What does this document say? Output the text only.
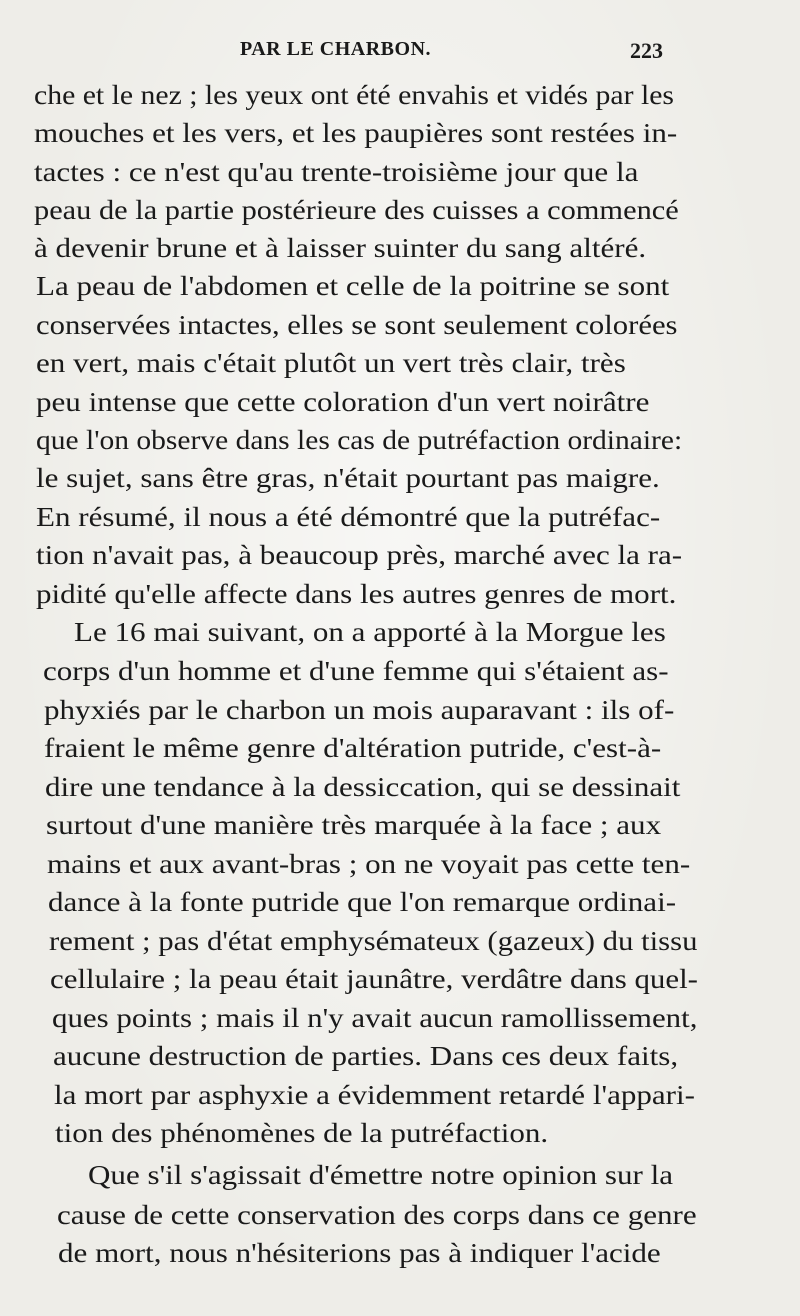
PAR LE CHARBON.	223
che et le nez ; les yeux ont été envahis et vidés par les
mouches et les vers, et les paupières sont restées in-
tactes : ce n'est qu'au trente-troisième jour que la
peau de la partie postérieure des cuisses a commencé
à devenir brune et à laisser suinter du sang altéré.
La peau de l'abdomen et celle de la poitrine se sont
conservées intactes, elles se sont seulement colorées
en vert, mais c'était plutôt un vert très clair, très
peu intense que cette coloration d'un vert noirâtre
que l'on observe dans les cas de putréfaction ordinaire:
le sujet, sans être gras, n'était pourtant pas maigre.
En résumé, il nous a été démontré que la putréfac-
tion n'avait pas, à beaucoup près, marché avec la ra-
pidité qu'elle affecte dans les autres genres de mort.
Le 16 mai suivant, on a apporté à la Morgue les
corps d'un homme et d'une femme qui s'étaient as-
phyxiés par le charbon un mois auparavant : ils of-
fraient le même genre d'altération putride, c'est-à-
dire une tendance à la dessiccation, qui se dessinait
surtout d'une manière très marquée à la face ; aux
mains et aux avant-bras ; on ne voyait pas cette ten-
dance à la fonte putride que l'on remarque ordinai-
rement ; pas d'état emphysémateux (gazeux) du tissu
cellulaire ; la peau était jaunâtre, verdâtre dans quel-
ques points ; mais il n'y avait aucun ramollissement,
aucune destruction de parties. Dans ces deux faits,
la mort par asphyxie a évidemment retardé l'appari-
tion des phénomènes de la putréfaction.
Que s'il s'agissait d'émettre notre opinion sur la
cause de cette conservation des corps dans ce genre
de mort, nous n'hésiterions pas à indiquer l'acide
